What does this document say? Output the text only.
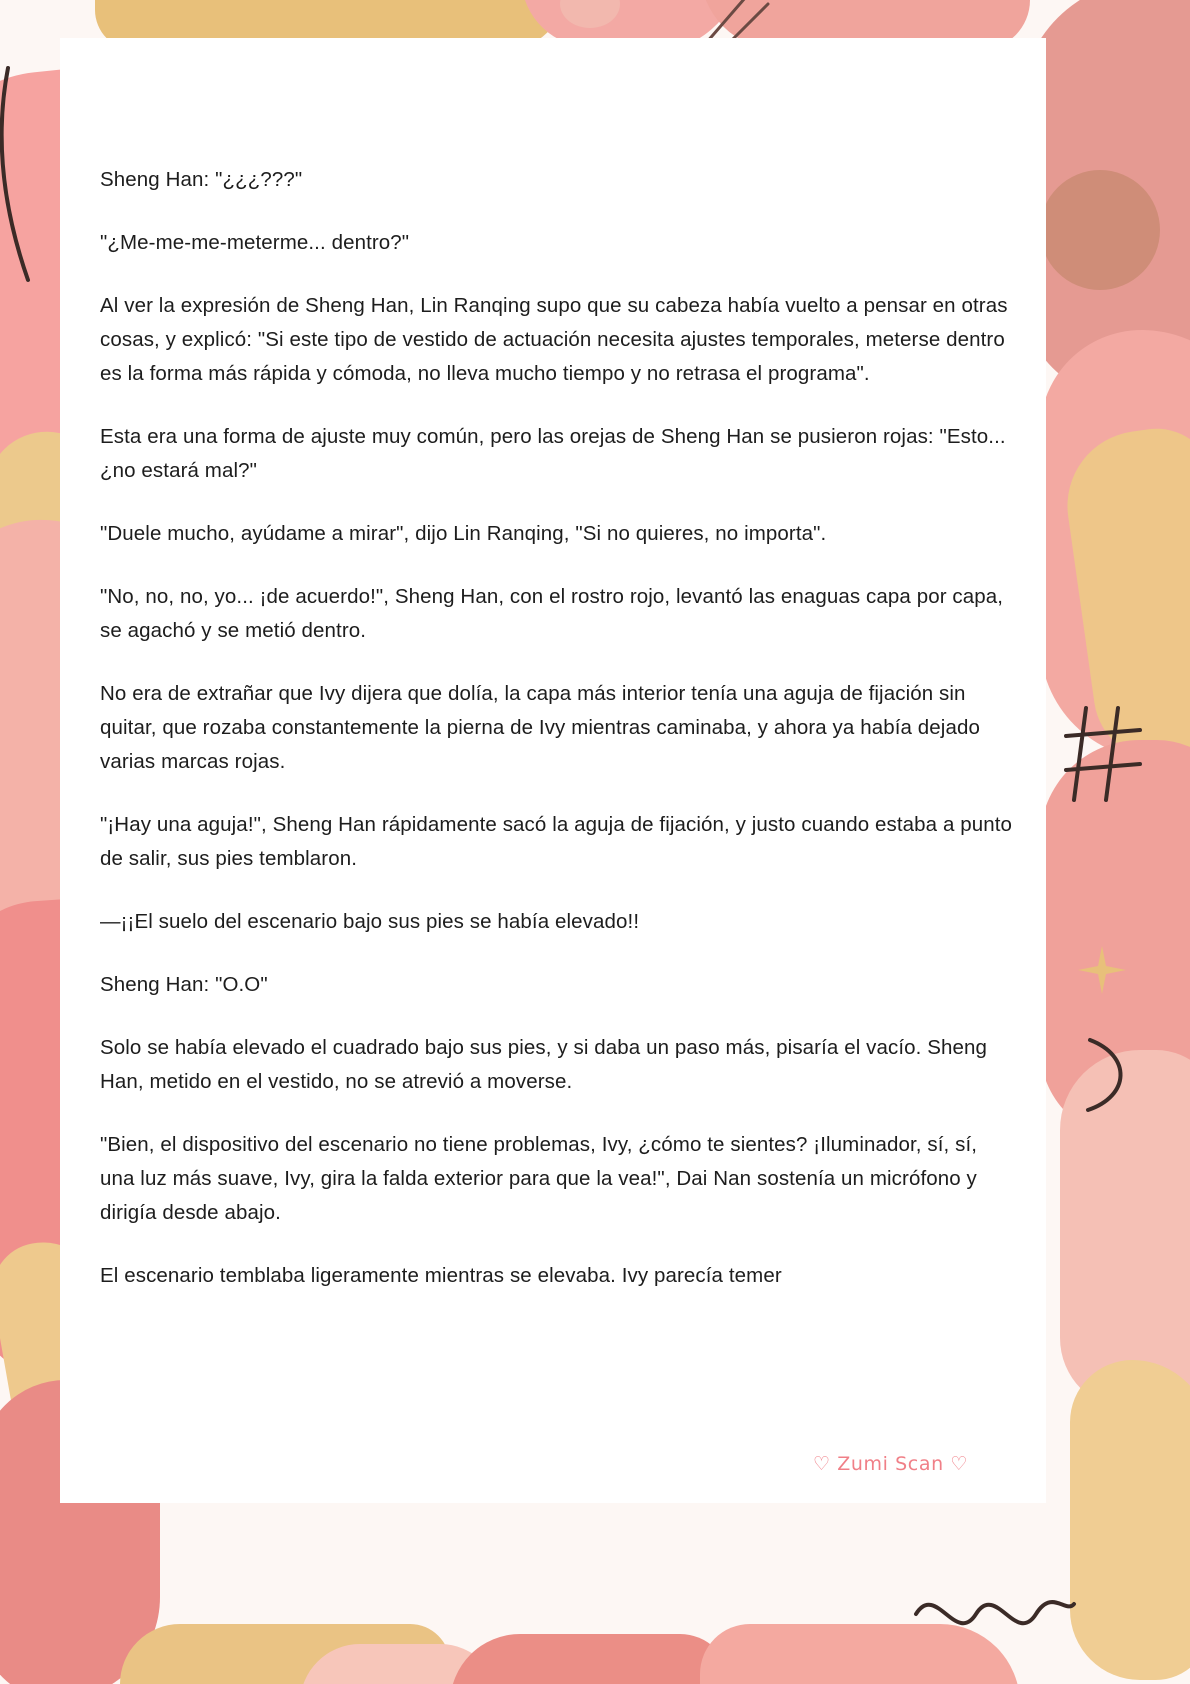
Sheng Han: "¿¿¿???"

"¿Me-me-me-meterme... dentro?"

Al ver la expresión de Sheng Han, Lin Ranqing supo que su cabeza había vuelto a pensar en otras cosas, y explicó: "Si este tipo de vestido de actuación necesita ajustes temporales, meterse dentro es la forma más rápida y cómoda, no lleva mucho tiempo y no retrasa el programa".

Esta era una forma de ajuste muy común, pero las orejas de Sheng Han se pusieron rojas: "Esto... ¿no estará mal?"

"Duele mucho, ayúdame a mirar", dijo Lin Ranqing, "Si no quieres, no importa".

"No, no, no, yo... ¡de acuerdo!", Sheng Han, con el rostro rojo, levantó las enaguas capa por capa, se agachó y se metió dentro.

No era de extrañar que Ivy dijera que dolía, la capa más interior tenía una aguja de fijación sin quitar, que rozaba constantemente la pierna de Ivy mientras caminaba, y ahora ya había dejado varias marcas rojas.

"¡Hay una aguja!", Sheng Han rápidamente sacó la aguja de fijación, y justo cuando estaba a punto de salir, sus pies temblaron.

—¡¡El suelo del escenario bajo sus pies se había elevado!!

Sheng Han: "O.O"

Solo se había elevado el cuadrado bajo sus pies, y si daba un paso más, pisaría el vacío. Sheng Han, metido en el vestido, no se atrevió a moverse.

"Bien, el dispositivo del escenario no tiene problemas, Ivy, ¿cómo te sientes? ¡Iluminador, sí, sí, una luz más suave, Ivy, gira la falda exterior para que la vea!", Dai Nan sostenía un micrófono y dirigía desde abajo.

El escenario temblaba ligeramente mientras se elevaba. Ivy parecía temer

♡ Zumi Scan ♡
